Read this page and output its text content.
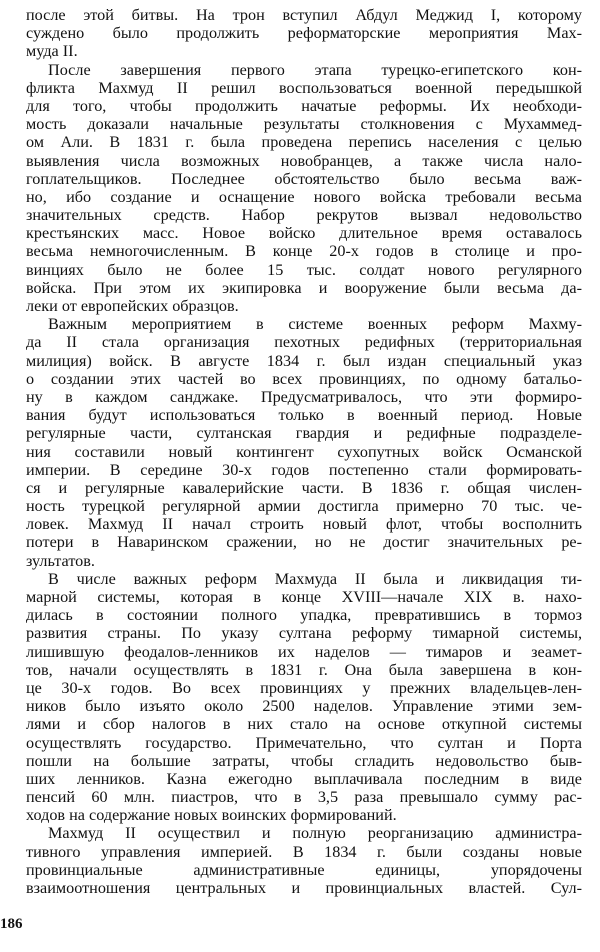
после этой битвы. На трон вступил Абдул Меджид I, которому
суждено было продолжить реформаторские мероприятия Мах-
муда II.

После завершения первого этапа турецко-египетского кон-
фликта Махмуд II решил воспользоваться военной передышкой
для того, чтобы продолжить начатые реформы. Их необходи-
мость доказали начальные результаты столкновения с Мухаммед-
ом Али. В 1831 г. была проведена перепись населения с целью
выявления числа возможных новобранцев, а также числа нало-
гоплательщиков. Последнее обстоятельство было весьма важ-
но, ибо создание и оснащение нового войска требовали весьма
значительных средств. Набор рекрутов вызвал недовольство
крестьянских масс. Новое войско длительное время оставалось
весьма немногочисленным. В конце 20-х годов в столице и про-
винциях было не более 15 тыс. солдат нового регулярного
войска. При этом их экипировка и вооружение были весьма да-
леки от европейских образцов.

Важным мероприятием в системе военных реформ Махму-
да II стала организация пехотных редифных (территориальная
милиция) войск. В августе 1834 г. был издан специальный указ
о создании этих частей во всех провинциях, по одному батальо-
ну в каждом санджаке. Предусматривалось, что эти формиро-
вания будут использоваться только в военный период. Новые
регулярные части, султанская гвардия и редифные подразделе-
ния составили новый контингент сухопутных войск Османской
империи. В середине 30-х годов постепенно стали формировать-
ся и регулярные кавалерийские части. В 1836 г. общая числен-
ность турецкой регулярной армии достигла примерно 70 тыс. че-
ловек. Махмуд II начал строить новый флот, чтобы восполнить
потери в Наваринском сражении, но не достиг значительных ре-
зультатов.

В числе важных реформ Махмуда II была и ликвидация ти-
марной системы, которая в конце XVIII—начале XIX в. нахо-
дилась в состоянии полного упадка, превратившись в тормоз
развития страны. По указу султана реформу тимарной системы,
лишившую феодалов-ленников их наделов — тимаров и зеамет-
тов, начали осуществлять в 1831 г. Она была завершена в кон-
це 30-х годов. Во всех провинциях у прежних владельцев-лен-
ников было изъято около 2500 наделов. Управление этими зем-
лями и сбор налогов в них стало на основе откупной системы
осуществлять государство. Примечательно, что султан и Порта
пошли на большие затраты, чтобы сгладить недовольство быв-
ших ленников. Казна ежегодно выплачивала последним в виде
пенсий 60 млн. пиастров, что в 3,5 раза превышало сумму рас-
ходов на содержание новых воинских формирований.

Махмуд II осуществил и полную реорганизацию администра-
тивного управления империей. В 1834 г. были созданы новые
провинциальные административные единицы, упорядочены
взаимоотношения центральных и провинциальных властей. Сул-

186
